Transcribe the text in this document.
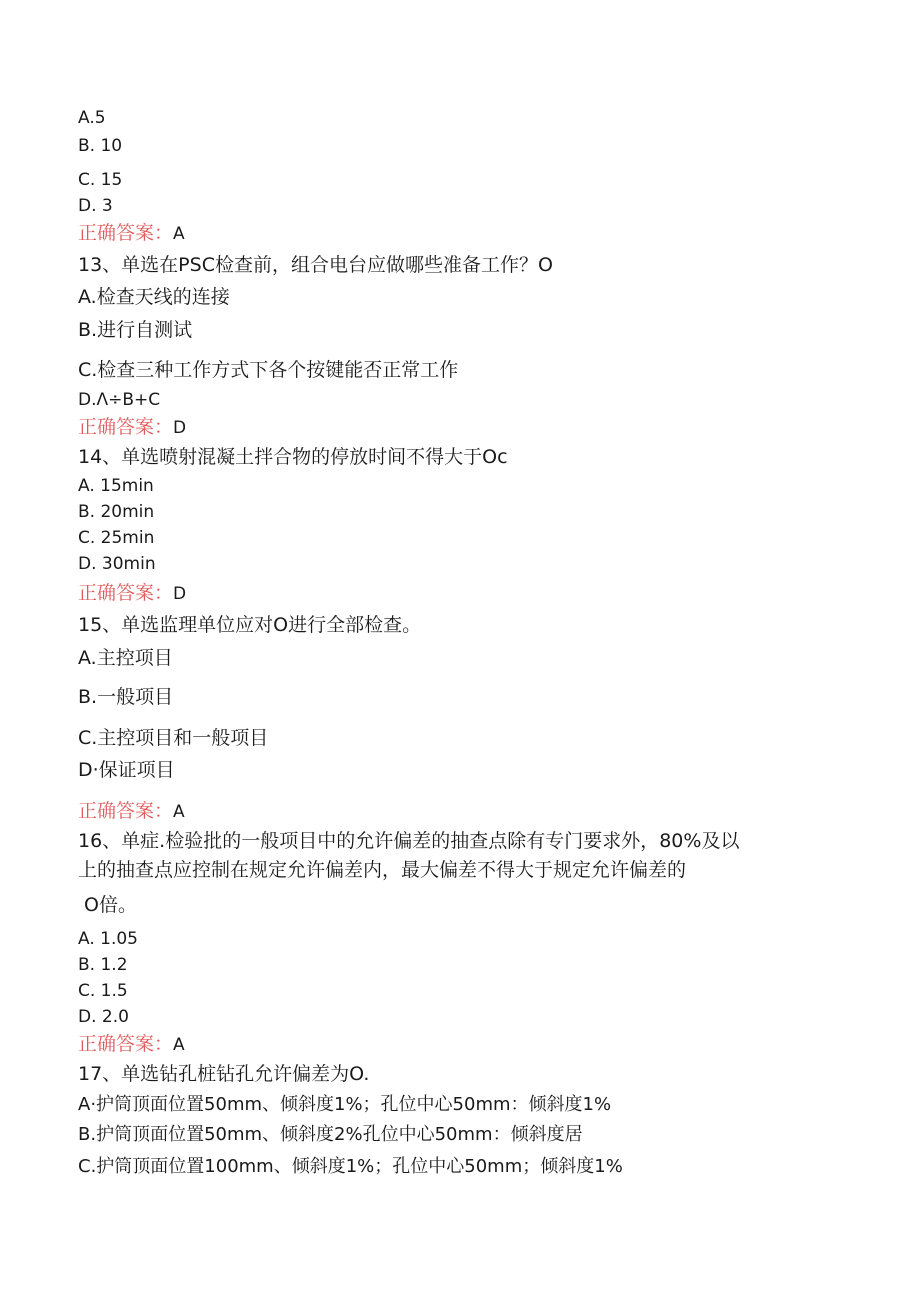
A.5
B. 10
C. 15
D. 3
正确答案：A
13、单选在PSC检查前，组合电台应做哪些准备工作？O
A.检查天线的连接
B.进行自测试
C.检查三种工作方式下各个按键能否正常工作
D.Λ÷B+C
正确答案：D
14、单选喷射混凝土拌合物的停放时间不得大于Oc
A. 15min
B. 20min
C. 25min
D. 30min
正确答案：D
15、单选监理单位应对O进行全部检查。
A.主控项目
B.一般项目
C.主控项目和一般项目
D·保证项目
正确答案：A
16、单症.检验批的一般项目中的允许偏差的抽查点除有专门要求外，80%及以
上的抽查点应控制在规定允许偏差内，最大偏差不得大于规定允许偏差的
O倍。
A. 1.05
B. 1.2
C. 1.5
D. 2.0
正确答案：A
17、单选钻孔桩钻孔允许偏差为O.
A·护筒顶面位置50mm、倾斜度1%；孔位中心50mm：倾斜度1%
B.护筒顶面位置50mm、倾斜度2%孔位中心50mm：倾斜度居
C.护筒顶面位置100mm、倾斜度1%；孔位中心50mm；倾斜度1%
